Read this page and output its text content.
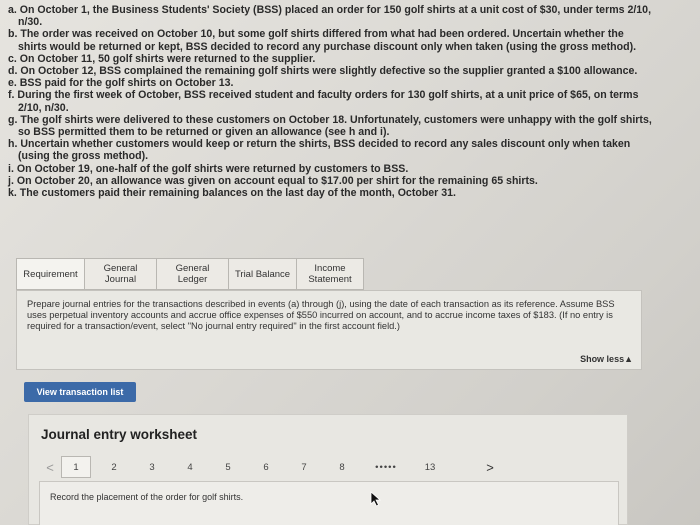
a. On October 1, the Business Students' Society (BSS) placed an order for 150 golf shirts at a unit cost of $30, under terms 2/10,
n/30.
b. The order was received on October 10, but some golf shirts differed from what had been ordered. Uncertain whether the
shirts would be returned or kept, BSS decided to record any purchase discount only when taken (using the gross method).
c. On October 11, 50 golf shirts were returned to the supplier.
d. On October 12, BSS complained the remaining golf shirts were slightly defective so the supplier granted a $100 allowance.
e. BSS paid for the golf shirts on October 13.
f. During the first week of October, BSS received student and faculty orders for 130 golf shirts, at a unit price of $65, on terms
2/10, n/30.
g. The golf shirts were delivered to these customers on October 18. Unfortunately, customers were unhappy with the golf shirts,
so BSS permitted them to be returned or given an allowance (see h and i).
h. Uncertain whether customers would keep or return the shirts, BSS decided to record any sales discount only when taken
(using the gross method).
i. On October 19, one-half of the golf shirts were returned by customers to BSS.
j. On October 20, an allowance was given on account equal to $17.00 per shirt for the remaining 65 shirts.
k. The customers paid their remaining balances on the last day of the month, October 31.
Requirement	General
Journal
General
Ledger	Trial Balance	Income
Statement
Prepare journal entries for the transactions described in events (a) through (j), using the date of each transaction as its reference. Assume BSS uses perpetual inventory accounts and accrue office expenses of $550 incurred on account, and to accrue income taxes of $183. (If no entry is required for a transaction/event, select "No journal entry required" in the first account field.)
Show less▲
View transaction list
Journal entry worksheet
<	1	2	3	4	5	6	7	8	•••••	13	>
Record the placement of the order for golf shirts.
